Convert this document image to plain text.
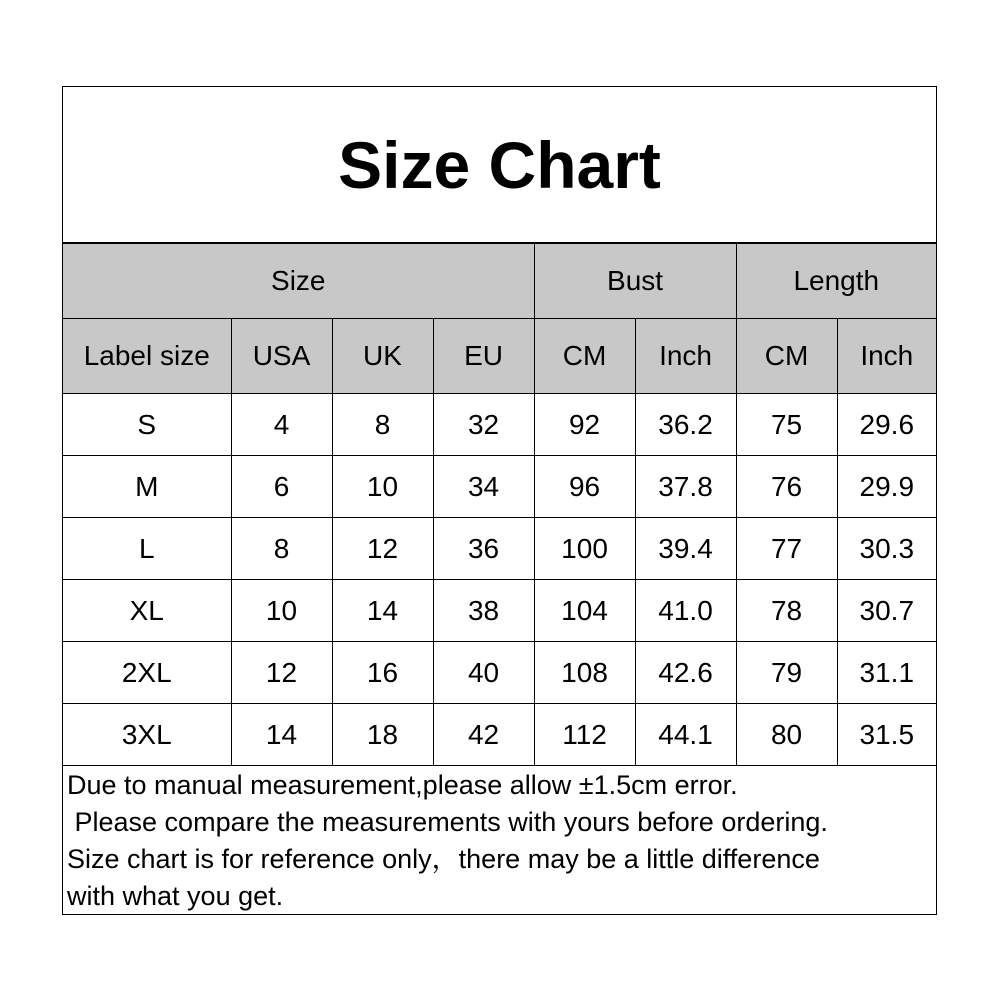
Size Chart
Size				Bust		Length	
Label size	USA	UK	EU	CM	Inch	CM	Inch
S	4	8	32	92	36.2	75	29.6
M	6	10	34	96	37.8	76	29.9
L	8	12	36	100	39.4	77	30.3
XL	10	14	38	104	41.0	78	30.7
2XL	12	16	40	108	42.6	79	31.1
3XL	14	18	42	112	44.1	80	31.5
Due to manual measurement,please allow ±1.5cm error.
Please compare the measurements with yours before ordering.
Size chart is for reference only，there may be a little difference
with what you get.
